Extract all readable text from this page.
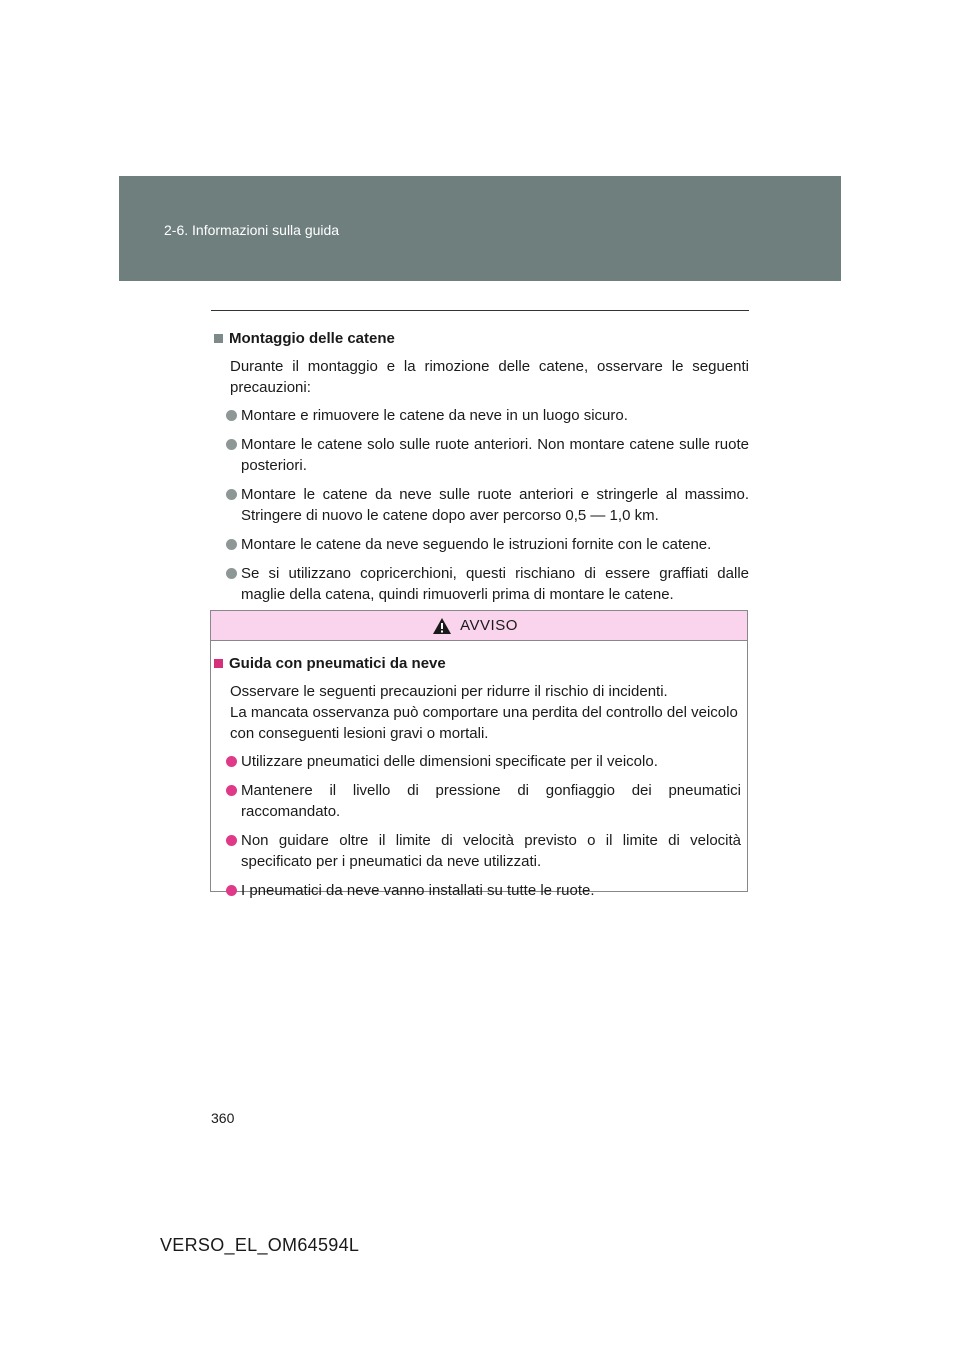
2-6. Informazioni sulla guida
Montaggio delle catene
Durante il montaggio e la rimozione delle catene, osservare le seguenti precauzioni:
Montare e rimuovere le catene da neve in un luogo sicuro.
Montare le catene solo sulle ruote anteriori. Non montare catene sulle ruote posteriori.
Montare le catene da neve sulle ruote anteriori e stringerle al massimo. Stringere di nuovo le catene dopo aver percorso 0,5 — 1,0 km.
Montare le catene da neve seguendo le istruzioni fornite con le catene.
Se si utilizzano copricerchioni, questi rischiano di essere graffiati dalle maglie della catena, quindi rimuoverli prima di montare le catene.
AVVISO
Guida con pneumatici da neve
Osservare le seguenti precauzioni per ridurre il rischio di incidenti.
La mancata osservanza può comportare una perdita del controllo del veicolo con conseguenti lesioni gravi o mortali.
Utilizzare pneumatici delle dimensioni specificate per il veicolo.
Mantenere il livello di pressione di gonfiaggio dei pneumatici raccomandato.
Non guidare oltre il limite di velocità previsto o il limite di velocità specificato per i pneumatici da neve utilizzati.
I pneumatici da neve vanno installati su tutte le ruote.
360
VERSO_EL_OM64594L
